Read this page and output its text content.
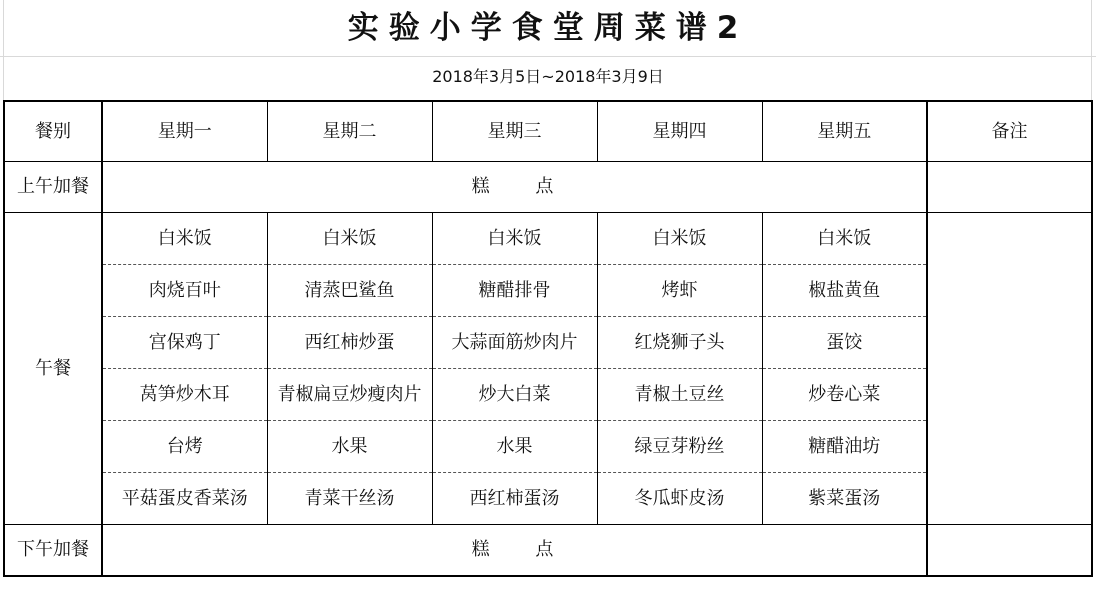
实验小学食堂周菜谱2
2018年3月5日~2018年3月9日
餐别	星期一	星期二	星期三	星期四	星期五	备注
上午加餐	糕 点					
午餐	白米饭	白米饭	白米饭	白米饭	白米饭	
	肉烧百叶	清蒸巴鲨鱼	糖醋排骨	烤虾	椒盐黄鱼	
	宫保鸡丁	西红柿炒蛋	大蒜面筋炒肉片	红烧狮子头	蛋饺	
	莴笋炒木耳	青椒扁豆炒瘦肉片	炒大白菜	青椒土豆丝	炒卷心菜	
	台烤	水果	水果	绿豆芽粉丝	糖醋油坊	
	平菇蛋皮香菜汤	青菜干丝汤	西红柿蛋汤	冬瓜虾皮汤	紫菜蛋汤	
下午加餐	糕 点					
